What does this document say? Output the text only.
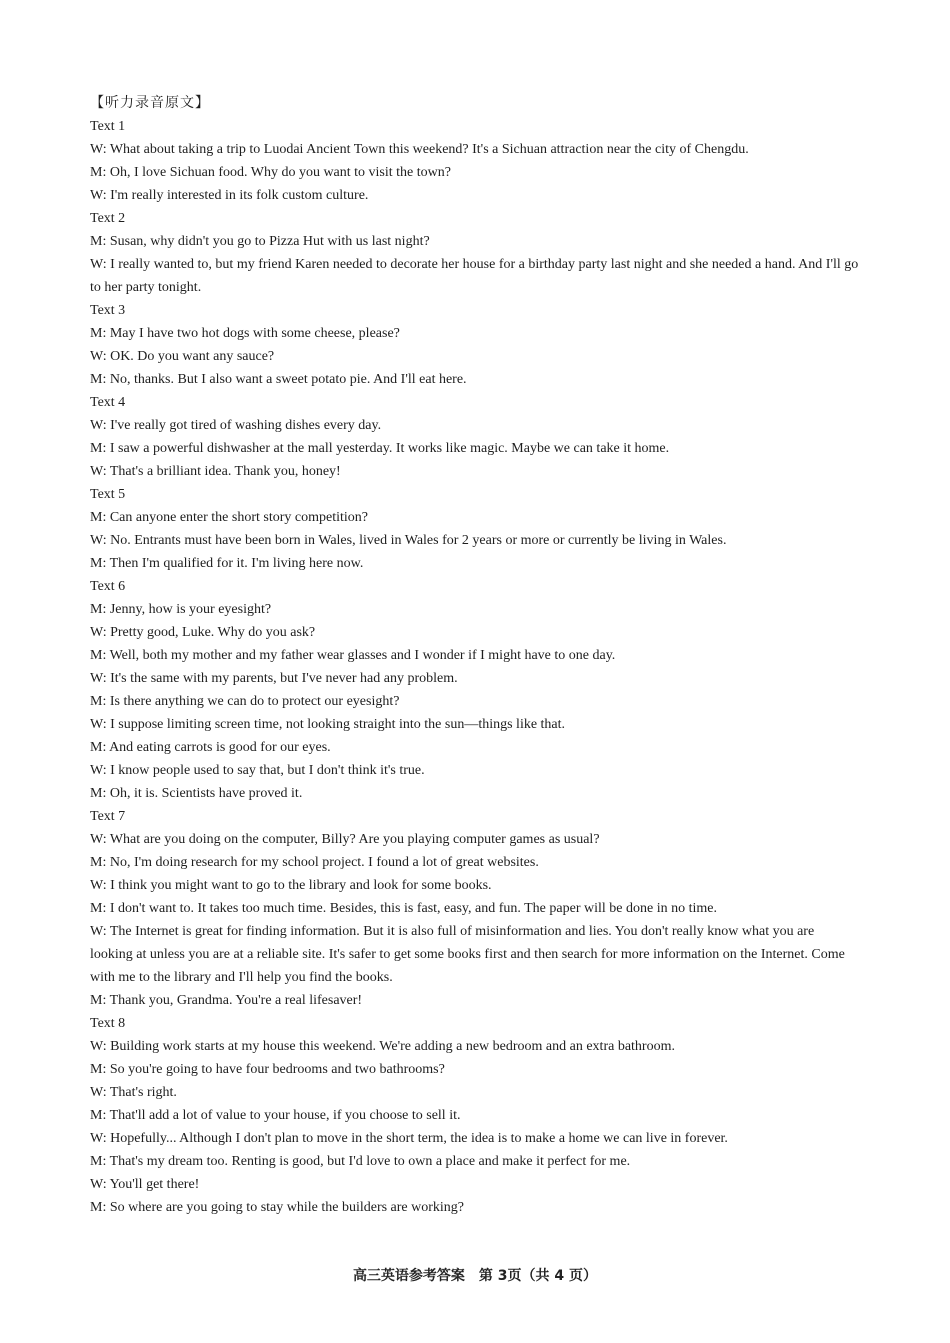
【听力录音原文】

Text 1

W: What about taking a trip to Luodai Ancient Town this weekend? It's a Sichuan attraction near the city of Chengdu.

M: Oh, I love Sichuan food. Why do you want to visit the town?

W: I'm really interested in its folk custom culture.

Text 2

M: Susan, why didn't you go to Pizza Hut with us last night?

W: I really wanted to, but my friend Karen needed to decorate her house for a birthday party last night and she needed a hand. And I'll go to her party tonight.

Text 3

M: May I have two hot dogs with some cheese, please?

W: OK. Do you want any sauce?

M: No, thanks. But I also want a sweet potato pie. And I'll eat here.

Text 4

W: I've really got tired of washing dishes every day.

M: I saw a powerful dishwasher at the mall yesterday. It works like magic. Maybe we can take it home.

W: That's a brilliant idea. Thank you, honey!

Text 5

M: Can anyone enter the short story competition?

W: No. Entrants must have been born in Wales, lived in Wales for 2 years or more or currently be living in Wales.

M: Then I'm qualified for it. I'm living here now.

Text 6

M: Jenny, how is your eyesight?

W: Pretty good, Luke. Why do you ask?

M: Well, both my mother and my father wear glasses and I wonder if I might have to one day.

W: It's the same with my parents, but I've never had any problem.

M: Is there anything we can do to protect our eyesight?

W: I suppose limiting screen time, not looking straight into the sun—things like that.

M: And eating carrots is good for our eyes.

W: I know people used to say that, but I don't think it's true.

M: Oh, it is. Scientists have proved it.

Text 7

W: What are you doing on the computer, Billy? Are you playing computer games as usual?

M: No, I'm doing research for my school project. I found a lot of great websites.

W: I think you might want to go to the library and look for some books.

M: I don't want to. It takes too much time. Besides, this is fast, easy, and fun. The paper will be done in no time.

W: The Internet is great for finding information. But it is also full of misinformation and lies. You don't really know what you are looking at unless you are at a reliable site. It's safer to get some books first and then search for more information on the Internet. Come with me to the library and I'll help you find the books.

M: Thank you, Grandma. You're a real lifesaver!

Text 8

W: Building work starts at my house this weekend. We're adding a new bedroom and an extra bathroom.

M: So you're going to have four bedrooms and two bathrooms?

W: That's right.

M: That'll add a lot of value to your house, if you choose to sell it.

W: Hopefully... Although I don't plan to move in the short term, the idea is to make a home we can live in forever.

M: That's my dream too. Renting is good, but I'd love to own a place and make it perfect for me.

W: You'll get there!

M: So where are you going to stay while the builders are working?

高三英语参考答案　第 3页（共 4 页）
